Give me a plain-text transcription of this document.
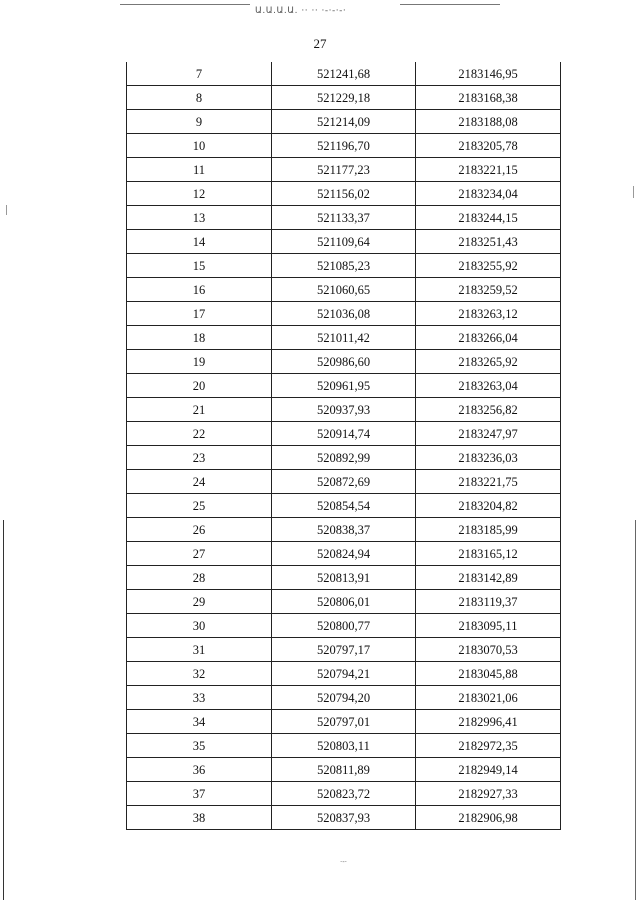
Ա.Ա.Ա.Ա. ·· ·· ·-·-·-·
27
7	521241,68	2183146,95
8	521229,18	2183168,38
9	521214,09	2183188,08
10	521196,70	2183205,78
11	521177,23	2183221,15
12	521156,02	2183234,04
13	521133,37	2183244,15
14	521109,64	2183251,43
15	521085,23	2183255,92
16	521060,65	2183259,52
17	521036,08	2183263,12
18	521011,42	2183266,04
19	520986,60	2183265,92
20	520961,95	2183263,04
21	520937,93	2183256,82
22	520914,74	2183247,97
23	520892,99	2183236,03
24	520872,69	2183221,75
25	520854,54	2183204,82
26	520838,37	2183185,99
27	520824,94	2183165,12
28	520813,91	2183142,89
29	520806,01	2183119,37
30	520800,77	2183095,11
31	520797,17	2183070,53
32	520794,21	2183045,88
33	520794,20	2183021,06
34	520797,01	2182996,41
35	520803,11	2182972,35
36	520811,89	2182949,14
37	520823,72	2182927,33
38	520837,93	2182906,98
·-·
